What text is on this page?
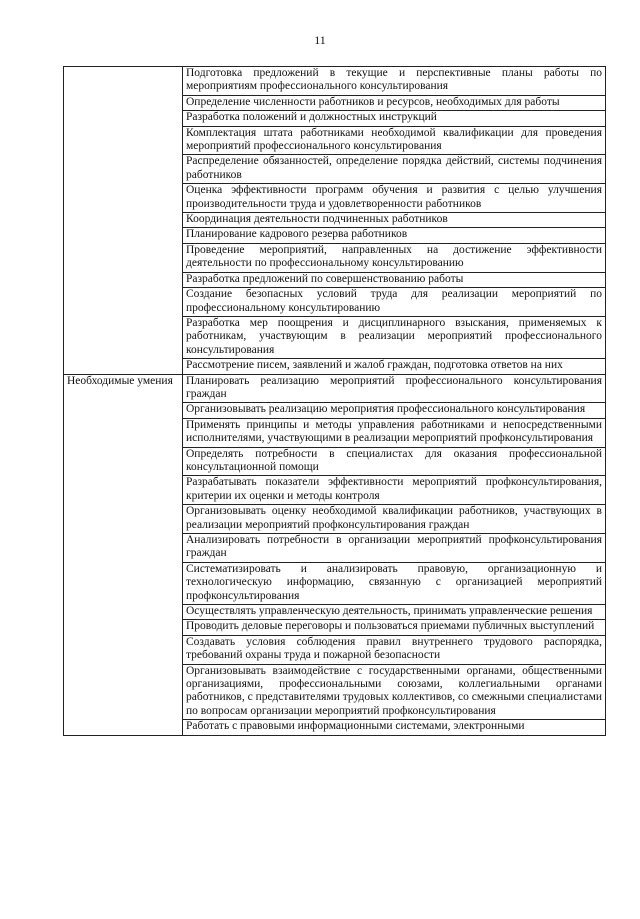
11
	Подготовка предложений в текущие и перспективные планы работы по мероприятиям профессионального консультирования
	Определение численности работников и ресурсов, необходимых для работы
	Разработка положений и должностных инструкций
	Комплектация штата работниками необходимой квалификации для проведения мероприятий профессионального консультирования
	Распределение обязанностей, определение порядка действий, системы подчинения работников
	Оценка эффективности программ обучения и развития с целью улучшения производительности труда и удовлетворенности работников
	Координация деятельности подчиненных работников
	Планирование кадрового резерва работников
	Проведение мероприятий, направленных на достижение эффективности деятельности по профессиональному консультированию
	Разработка предложений по совершенствованию работы
	Создание безопасных условий труда для реализации мероприятий по профессиональному консультированию
	Разработка мер поощрения и дисциплинарного взыскания, применяемых к работникам, участвующим в реализации мероприятий профессионального консультирования
	Рассмотрение писем, заявлений и жалоб граждан, подготовка ответов на них

Необходимые умения	Планировать реализацию мероприятий профессионального консультирования граждан
	Организовывать реализацию мероприятия профессионального консультирования
	Применять принципы и методы управления работниками и непосредственными исполнителями, участвующими в реализации мероприятий профконсультирования
	Определять потребности в специалистах для оказания профессиональной консультационной помощи
	Разрабатывать показатели эффективности мероприятий профконсультирования, критерии их оценки и методы контроля
	Организовывать оценку необходимой квалификации работников, участвующих в реализации мероприятий профконсультирования граждан
	Анализировать потребности в организации мероприятий профконсультирования граждан
	Систематизировать и анализировать правовую, организационную и технологическую информацию, связанную с организацией мероприятий профконсультирования
	Осуществлять управленческую деятельность, принимать управленческие решения
	Проводить деловые переговоры и пользоваться приемами публичных выступлений
	Создавать условия соблюдения правил внутреннего трудового распорядка, требований охраны труда и пожарной безопасности
	Организовывать взаимодействие с государственными органами, общественными организациями, профессиональными союзами, коллегиальными органами работников, с представителями трудовых коллективов, со смежными специалистами по вопросам организации мероприятий профконсультирования
	Работать с правовыми информационными системами, электронными
